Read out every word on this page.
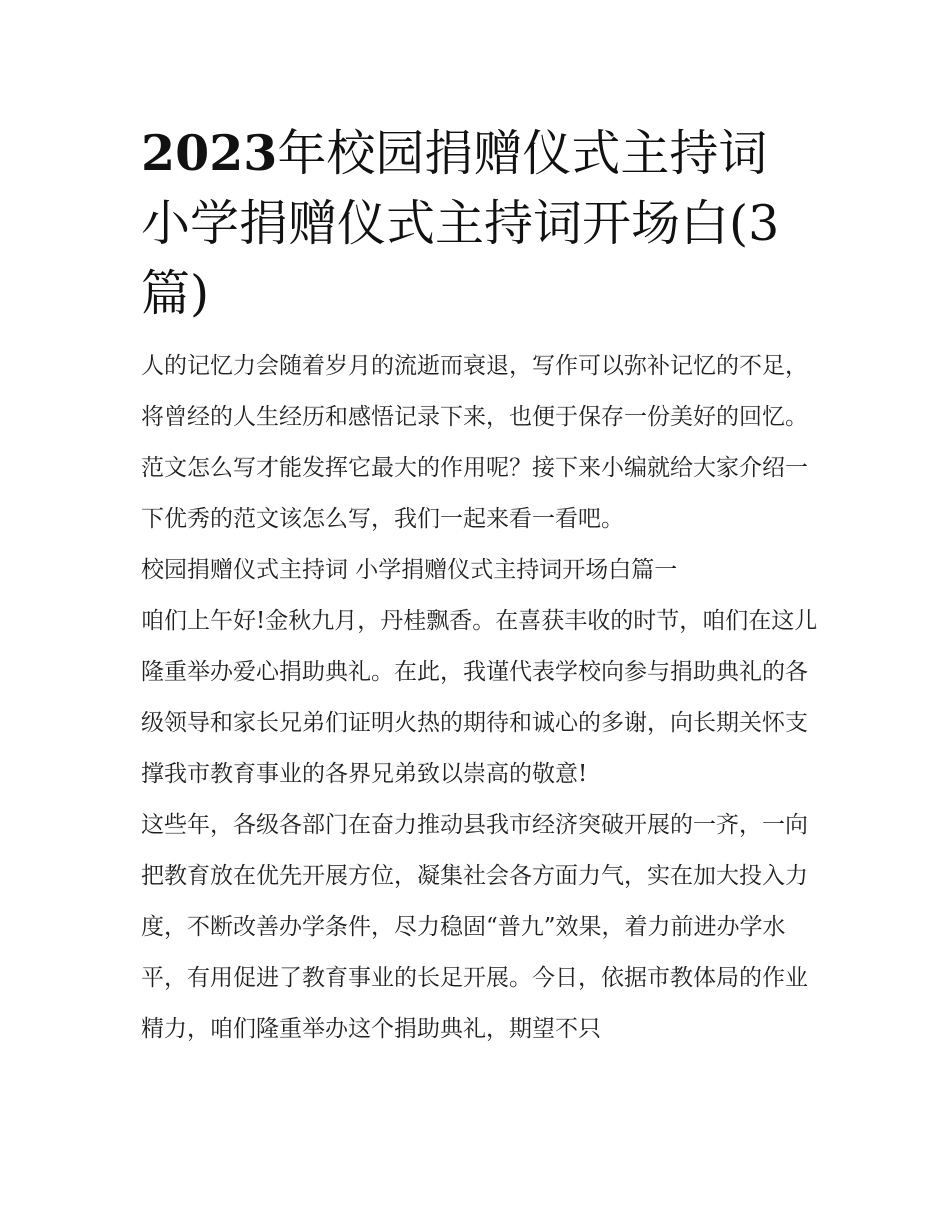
2023年校园捐赠仪式主持词
小学捐赠仪式主持词开场白(3
篇)

人的记忆力会随着岁月的流逝而衰退，写作可以弥补记忆的不足，将曾经的人生经历和感悟记录下来，也便于保存一份美好的回忆。范文怎么写才能发挥它最大的作用呢？接下来小编就给大家介绍一下优秀的范文该怎么写，我们一起来看一看吧。

校园捐赠仪式主持词 小学捐赠仪式主持词开场白篇一

咱们上午好!金秋九月，丹桂飘香。在喜获丰收的时节，咱们在这儿隆重举办爱心捐助典礼。在此，我谨代表学校向参与捐助典礼的各级领导和家长兄弟们证明火热的期待和诚心的多谢，向长期关怀支撑我市教育事业的各界兄弟致以崇高的敬意!

这些年，各级各部门在奋力推动县我市经济突破开展的一齐，一向把教育放在优先开展方位，凝集社会各方面力气，实在加大投入力度，不断改善办学条件，尽力稳固“普九”效果，着力前进办学水平，有用促进了教育事业的长足开展。今日，依据市教体局的作业精力，咱们隆重举办这个捐助典礼，期望不只
